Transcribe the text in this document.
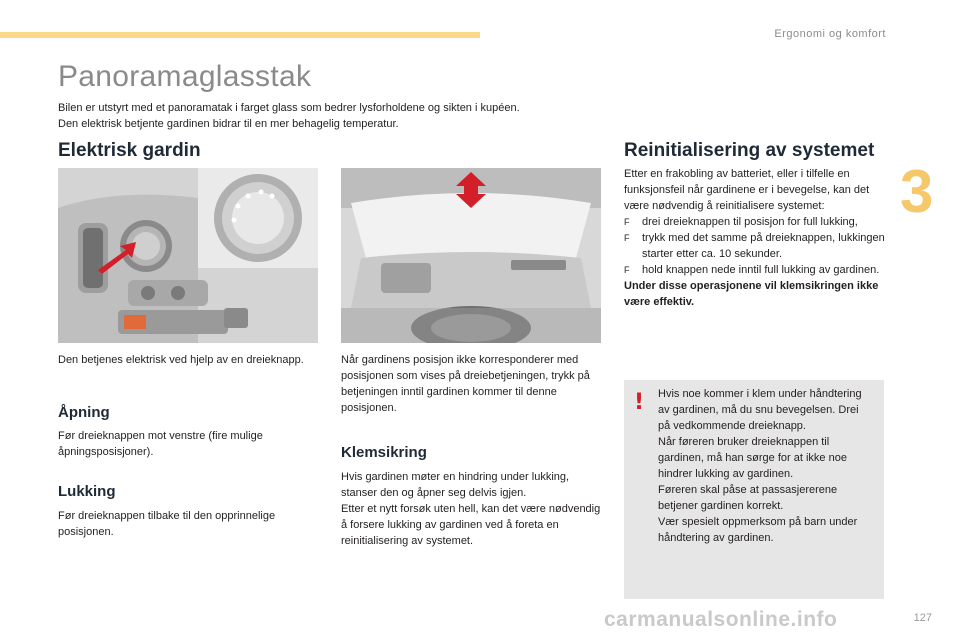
Ergonomi og komfort
3
Panoramaglasstak

Bilen er utstyrt med et panoramatak i farget glass som bedrer lysforholdene og sikten i kupéen.

Den elektrisk betjente gardinen bidrar til en mer behagelig temperatur.

Elektrisk gardin

Den betjenes elektrisk ved hjelp av en dreieknapp.

Åpning

Før dreieknappen mot venstre (fire mulige åpningsposisjoner).

Lukking

Før dreieknappen tilbake til den opprinnelige posisjonen.

Når gardinens posisjon ikke korresponderer med posisjonen som vises på dreiebetjeningen, trykk på betjeningen inntil gardinen kommer til denne posisjonen.

Klemsikring
Hvis gardinen møter en hindring under lukking, stanser den og åpner seg delvis igjen.
Etter et nytt forsøk uten hell, kan det være nødvendig å forsere lukking av gardinen ved å foreta en reinitialisering av systemet.
Reinitialisering av systemet
Etter en frakobling av batteriet, eller i tilfelle en funksjonsfeil når gardinene er i bevegelse, kan det være nødvendig å reinitialisere systemet:
F drei dreieknappen til posisjon for full lukking,
F trykk med det samme på dreieknappen, lukkingen starter etter ca. 10 sekunder.
F hold knappen nede inntil full lukking av gardinen.
Under disse operasjonene vil klemsikringen ikke være effektiv.
! Hvis noe kommer i klem under håndtering av gardinen, må du snu bevegelsen. Drei på vedkommende dreieknapp.

Når føreren bruker dreieknappen til gardinen, må han sørge for at ikke noe hindrer lukking av gardinen.

Føreren skal påse at passasjererene betjener gardinen korrekt.

Vær spesielt oppmerksom på barn under håndtering av gardinen.

carmanualsonline.info	127
